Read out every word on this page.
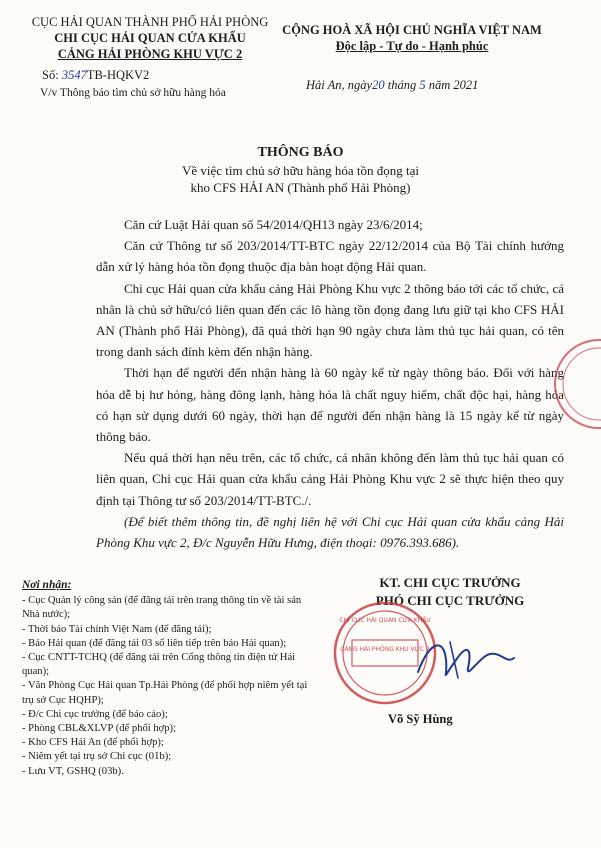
CỤC HẢI QUAN THÀNH PHỐ HẢI PHÒNG
CHI CỤC HẢI QUAN CỬA KHẨU
CẢNG HẢI PHÒNG KHU VỰC 2
Số: 3547TB-HQKV2
V/v Thông báo tìm chủ sở hữu hàng hóa
CỘNG HOÀ XÃ HỘI CHỦ NGHĨA VIỆT NAM
Độc lập - Tự do - Hạnh phúc
Hải An, ngày20 tháng 5 năm 2021
THÔNG BÁO
Về việc tìm chủ sở hữu hàng hóa tồn đọng tại
kho CFS HẢI AN (Thành phố Hải Phòng)

Căn cứ Luật Hải quan số 54/2014/QH13 ngày 23/6/2014;

Căn cứ Thông tư số 203/2014/TT-BTC ngày 22/12/2014 của Bộ Tài chính hướng dẫn xử lý hàng hóa tồn đọng thuộc địa bàn hoạt động Hải quan.

Chi cục Hải quan cửa khẩu cảng Hải Phòng Khu vực 2 thông báo tới các tổ chức, cá nhân là chủ sở hữu/có liên quan đến các lô hàng tồn đọng đang lưu giữ tại kho CFS HẢI AN (Thành phố Hải Phòng), đã quá thời hạn 90 ngày chưa làm thủ tục hải quan, có tên trong danh sách đính kèm đến nhận hàng.

Thời hạn để người đến nhận hàng là 60 ngày kể từ ngày thông báo. Đối với hàng hóa dễ bị hư hỏng, hàng đông lạnh, hàng hóa là chất nguy hiểm, chất độc hại, hàng hóa có hạn sử dụng dưới 60 ngày, thời hạn để người đến nhận hàng là 15 ngày kể từ ngày thông báo.

Nếu quá thời hạn nêu trên, các tổ chức, cá nhân không đến làm thủ tục hải quan có liên quan, Chi cục Hải quan cửa khẩu cảng Hải Phòng Khu vực 2 sẽ thực hiện theo quy định tại Thông tư số 203/2014/TT-BTC./.

(Để biết thêm thông tin, đề nghị liên hệ với Chi cục Hải quan cửa khẩu cảng Hải Phòng Khu vực 2, Đ/c Nguyễn Hữu Hưng, điện thoại: 0976.393.686).

Nơi nhận:
- Cục Quản lý công sản (để đăng tải trên trang thông tin về tài sản Nhà nước);
- Thời báo Tài chính Việt Nam (để đăng tải);
- Báo Hải quan (để đăng tải 03 số liên tiếp trên báo Hải quan);
- Cục CNTT-TCHQ (để đăng tải trên Cổng thông tin điện tử Hải quan);
- Văn Phòng Cục Hải quan Tp.Hải Phòng (để phối hợp niêm yết tại trụ sở Cục HQHP);
- Đ/c Chi cục trưởng (để báo cáo);
- Phòng CBL&XLVP (để phối hợp);
- Kho CFS Hải An (để phối hợp);
- Niêm yết tại trụ sở Chi cục (01b);
- Lưu VT, GSHQ (03b).
KT. CHI CỤC TRƯỞNG
PHÓ CHI CỤC TRƯỞNG
CẢNG HẢI PHÒNG KHU VỰC 2
CHI CỤC HẢI QUAN CỬA KHẨU
Võ Sỹ Hùng
